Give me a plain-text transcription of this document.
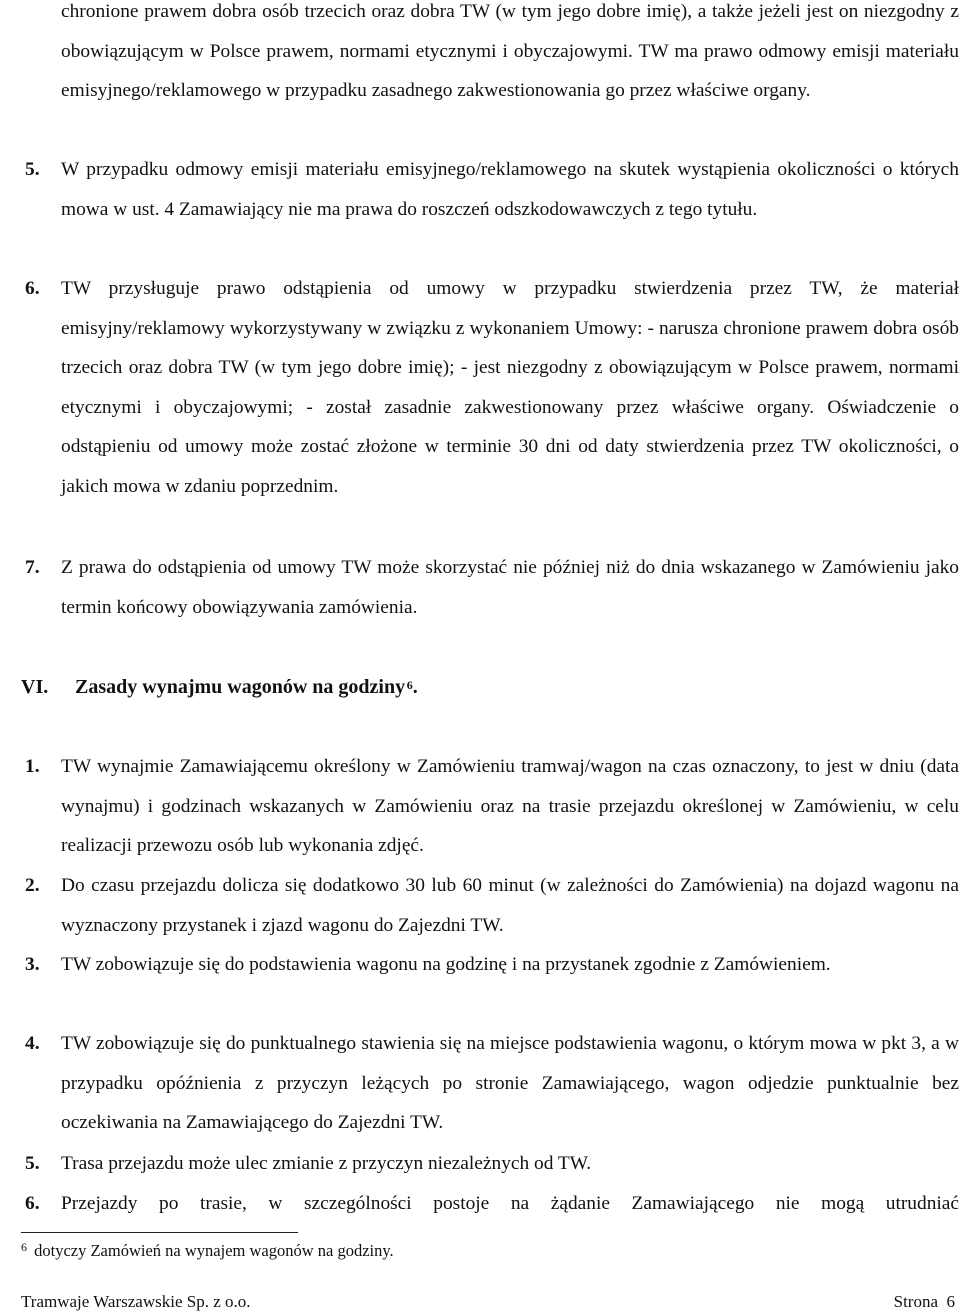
chronione prawem dobra osób trzecich oraz dobra TW (w tym jego dobre imię), a także jeżeli jest on niezgodny z obowiązującym w Polsce prawem, normami etycznymi i obyczajowymi. TW ma prawo odmowy emisji materiału emisyjnego/reklamowego w przypadku zasadnego zakwestionowania go przez właściwe organy.

5.	W przypadku odmowy emisji materiału emisyjnego/reklamowego na skutek wystąpienia okoliczności o których mowa w ust. 4 Zamawiający nie ma prawa do roszczeń odszkodowawczych z tego tytułu.
6.	TW przysługuje prawo odstąpienia od umowy w przypadku stwierdzenia przez TW, że materiał emisyjny/reklamowy wykorzystywany w związku z wykonaniem Umowy: - narusza chronione prawem dobra osób trzecich oraz dobra TW (w tym jego dobre imię); - jest niezgodny z obowiązującym w Polsce prawem, normami etycznymi i obyczajowymi; - został zasadnie zakwestionowany przez właściwe organy. Oświadczenie o odstąpieniu od umowy może zostać złożone w terminie 30 dni od daty stwierdzenia przez TW okoliczności, o jakich mowa w zdaniu poprzednim.
7.	Z prawa do odstąpienia od umowy TW może skorzystać nie później niż do dnia wskazanego w Zamówieniu jako termin końcowy obowiązywania zamówienia.
VI. Zasady wynajmu wagonów na godziny  $^6$.
1.	TW wynajmie Zamawiającemu określony w Zamówieniu tramwaj/wagon na czas oznaczony, to jest w dniu (data wynajmu) i godzinach wskazanych w Zamówieniu oraz na trasie przejazdu określonej w Zamówieniu, w celu realizacji przewozu osób lub wykonania zdjęć.
2.	Do czasu przejazdu dolicza się dodatkowo 30 lub 60 minut (w zależności do Zamówienia) na dojazd wagonu na wyznaczony przystanek i zjazd wagonu do Zajezdni TW.
3.	TW zobowiązuje się do podstawienia wagonu na godzinę i na przystanek zgodnie z Zamówieniem.
4.	TW zobowiązuje się do punktualnego stawienia się na miejsce podstawienia wagonu, o którym mowa w pkt 3, a w przypadku opóźnienia z przyczyn leżących po stronie Zamawiającego, wagon odjedzie punktualnie bez oczekiwania na Zamawiającego do Zajezdni TW.
5.	Trasa przejazdu może ulec zmianie z przyczyn niezależnych od TW.
6.	Przejazdy po trasie, w szczególności postoje na żądanie Zamawiającego nie mogą utrudniać
$^6$ dotyczy Zamówień na wynajem wagonów na godziny.
Tramwaje Warszawskie Sp. z o.o.	Strona 6
